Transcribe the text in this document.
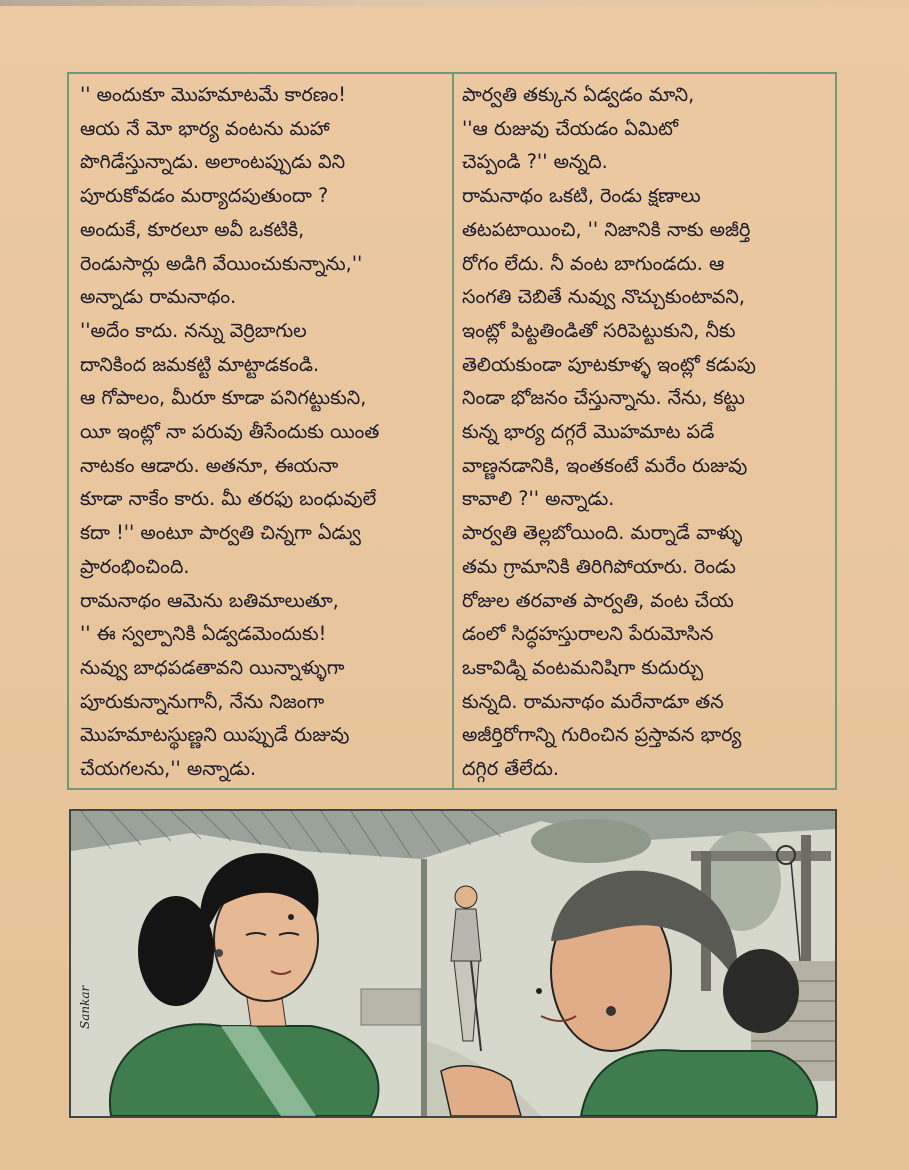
'' అందుకూ మొహమాటమే కారణం!
ఆయ నే మో భార్య వంటను మహా
పొగిడేస్తున్నాడు. అలాంటప్పుడు విని
పూరుకోవడం మర్యాదపుతుందా ?
అందుకే, కూరలూ అవీ ఒకటికి,
రెండుసార్లు అడిగి వేయించుకున్నాను,''
అన్నాడు రామనాథం.
''అదేం కాదు. నన్ను వెర్రిబాగుల
దానికింద జమకట్టి మాట్టాడకండి.
ఆ గోపాలం, మీరూ కూడా పనిగట్టుకుని,
యీ ఇంట్లో నా పరువు తీసేందుకు యింత
నాటకం ఆడారు. అతనూ, ఈయనా
కూడా నాకేం కారు. మీ తరఫు బంధువులే
కదా !'' అంటూ పార్వతి చిన్నగా ఏడ్వు
ప్రారంభించింది.
రామనాథం ఆమెను బతిమాలుతూ,
'' ఈ స్వల్పానికి ఏడ్వడమెందుకు!
నువ్వు బాధపడతావని యిన్నాళ్ళుగా
పూరుకున్నానుగానీ, నేను నిజంగా
మొహమాటస్థుణ్ణని యిప్పుడే రుజువు
చేయగలను,'' అన్నాడు.
పార్వతి తక్కున ఏడ్వడం మాని,
''ఆ రుజువు చేయడం ఏమిటో
చెప్పండి ?'' అన్నది.
రామనాథం ఒకటి, రెండు క్షణాలు
తటపటాయించి, '' నిజానికి నాకు అజీర్తి
రోగం లేదు. నీ వంట బాగుండదు. ఆ
సంగతి చెబితే నువ్వు నొచ్చుకుంటావని,
ఇంట్లో పిట్టతిండితో సరిపెట్టుకుని, నీకు
తెలియకుండా పూటకూళ్ళ ఇంట్లో కడుపు
నిండా భోజనం చేస్తున్నాను. నేను, కట్టు
కున్న భార్య దగ్గరే మొహమాట పడే
వాణ్ణనడానికి, ఇంతకంటే మరేం రుజువు
కావాలి ?'' అన్నాడు.
పార్వతి తెల్లబోయింది. మర్నాడే వాళ్ళు
తమ గ్రామానికి తిరిగిపోయారు. రెండు
రోజుల తరవాత పార్వతి, వంట చేయ
డంలో సిద్ధహస్తురాలని పేరుమోసిన
ఒకావిడ్ని వంటమనిషిగా కుదుర్చు
కున్నది. రామనాథం మరేనాడూ తన
అజీర్తిరోగాన్ని గురించిన ప్రస్తావన భార్య
దగ్గిర తేలేదు.
Sankar
